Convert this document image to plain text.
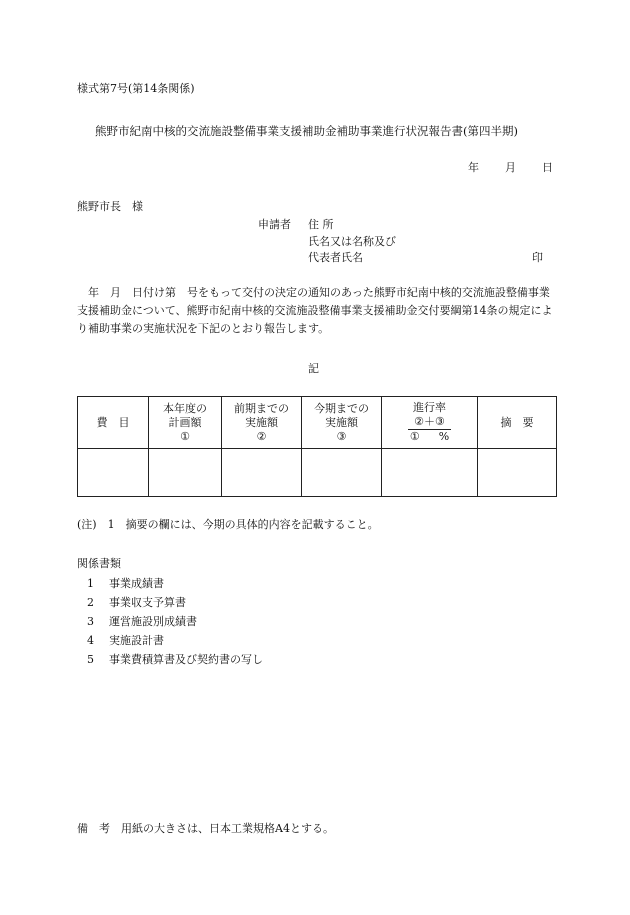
様式第7号(第14条関係)
熊野市紀南中核的交流施設整備事業支援補助金補助事業進行状況報告書(第四半期)
年 月 日
熊野市長　様
申請者 住 所
氏名又は名称及び
代表者氏名	印
年　月　日付け第　号をもって交付の決定の通知のあった熊野市紀南中核的交流施設整備事業支援補助金について、熊野市紀南中核的交流施設整備事業支援補助金交付要綱第14条の規定により補助事業の実施状況を下記のとおり報告します。
記
費　目	本年度の
計画額
①	前期までの
実施額
②	今期までの
実施額
③	進行率
②＋③
① %	摘　要

(注)　1　摘要の欄には、今期の具体的内容を記載すること。
関係書類
1 事業成績書
2 事業収支予算書
3 運営施設別成績書
4 実施設計書
5 事業費積算書及び契約書の写し
備　考　用紙の大きさは、日本工業規格A4とする。
